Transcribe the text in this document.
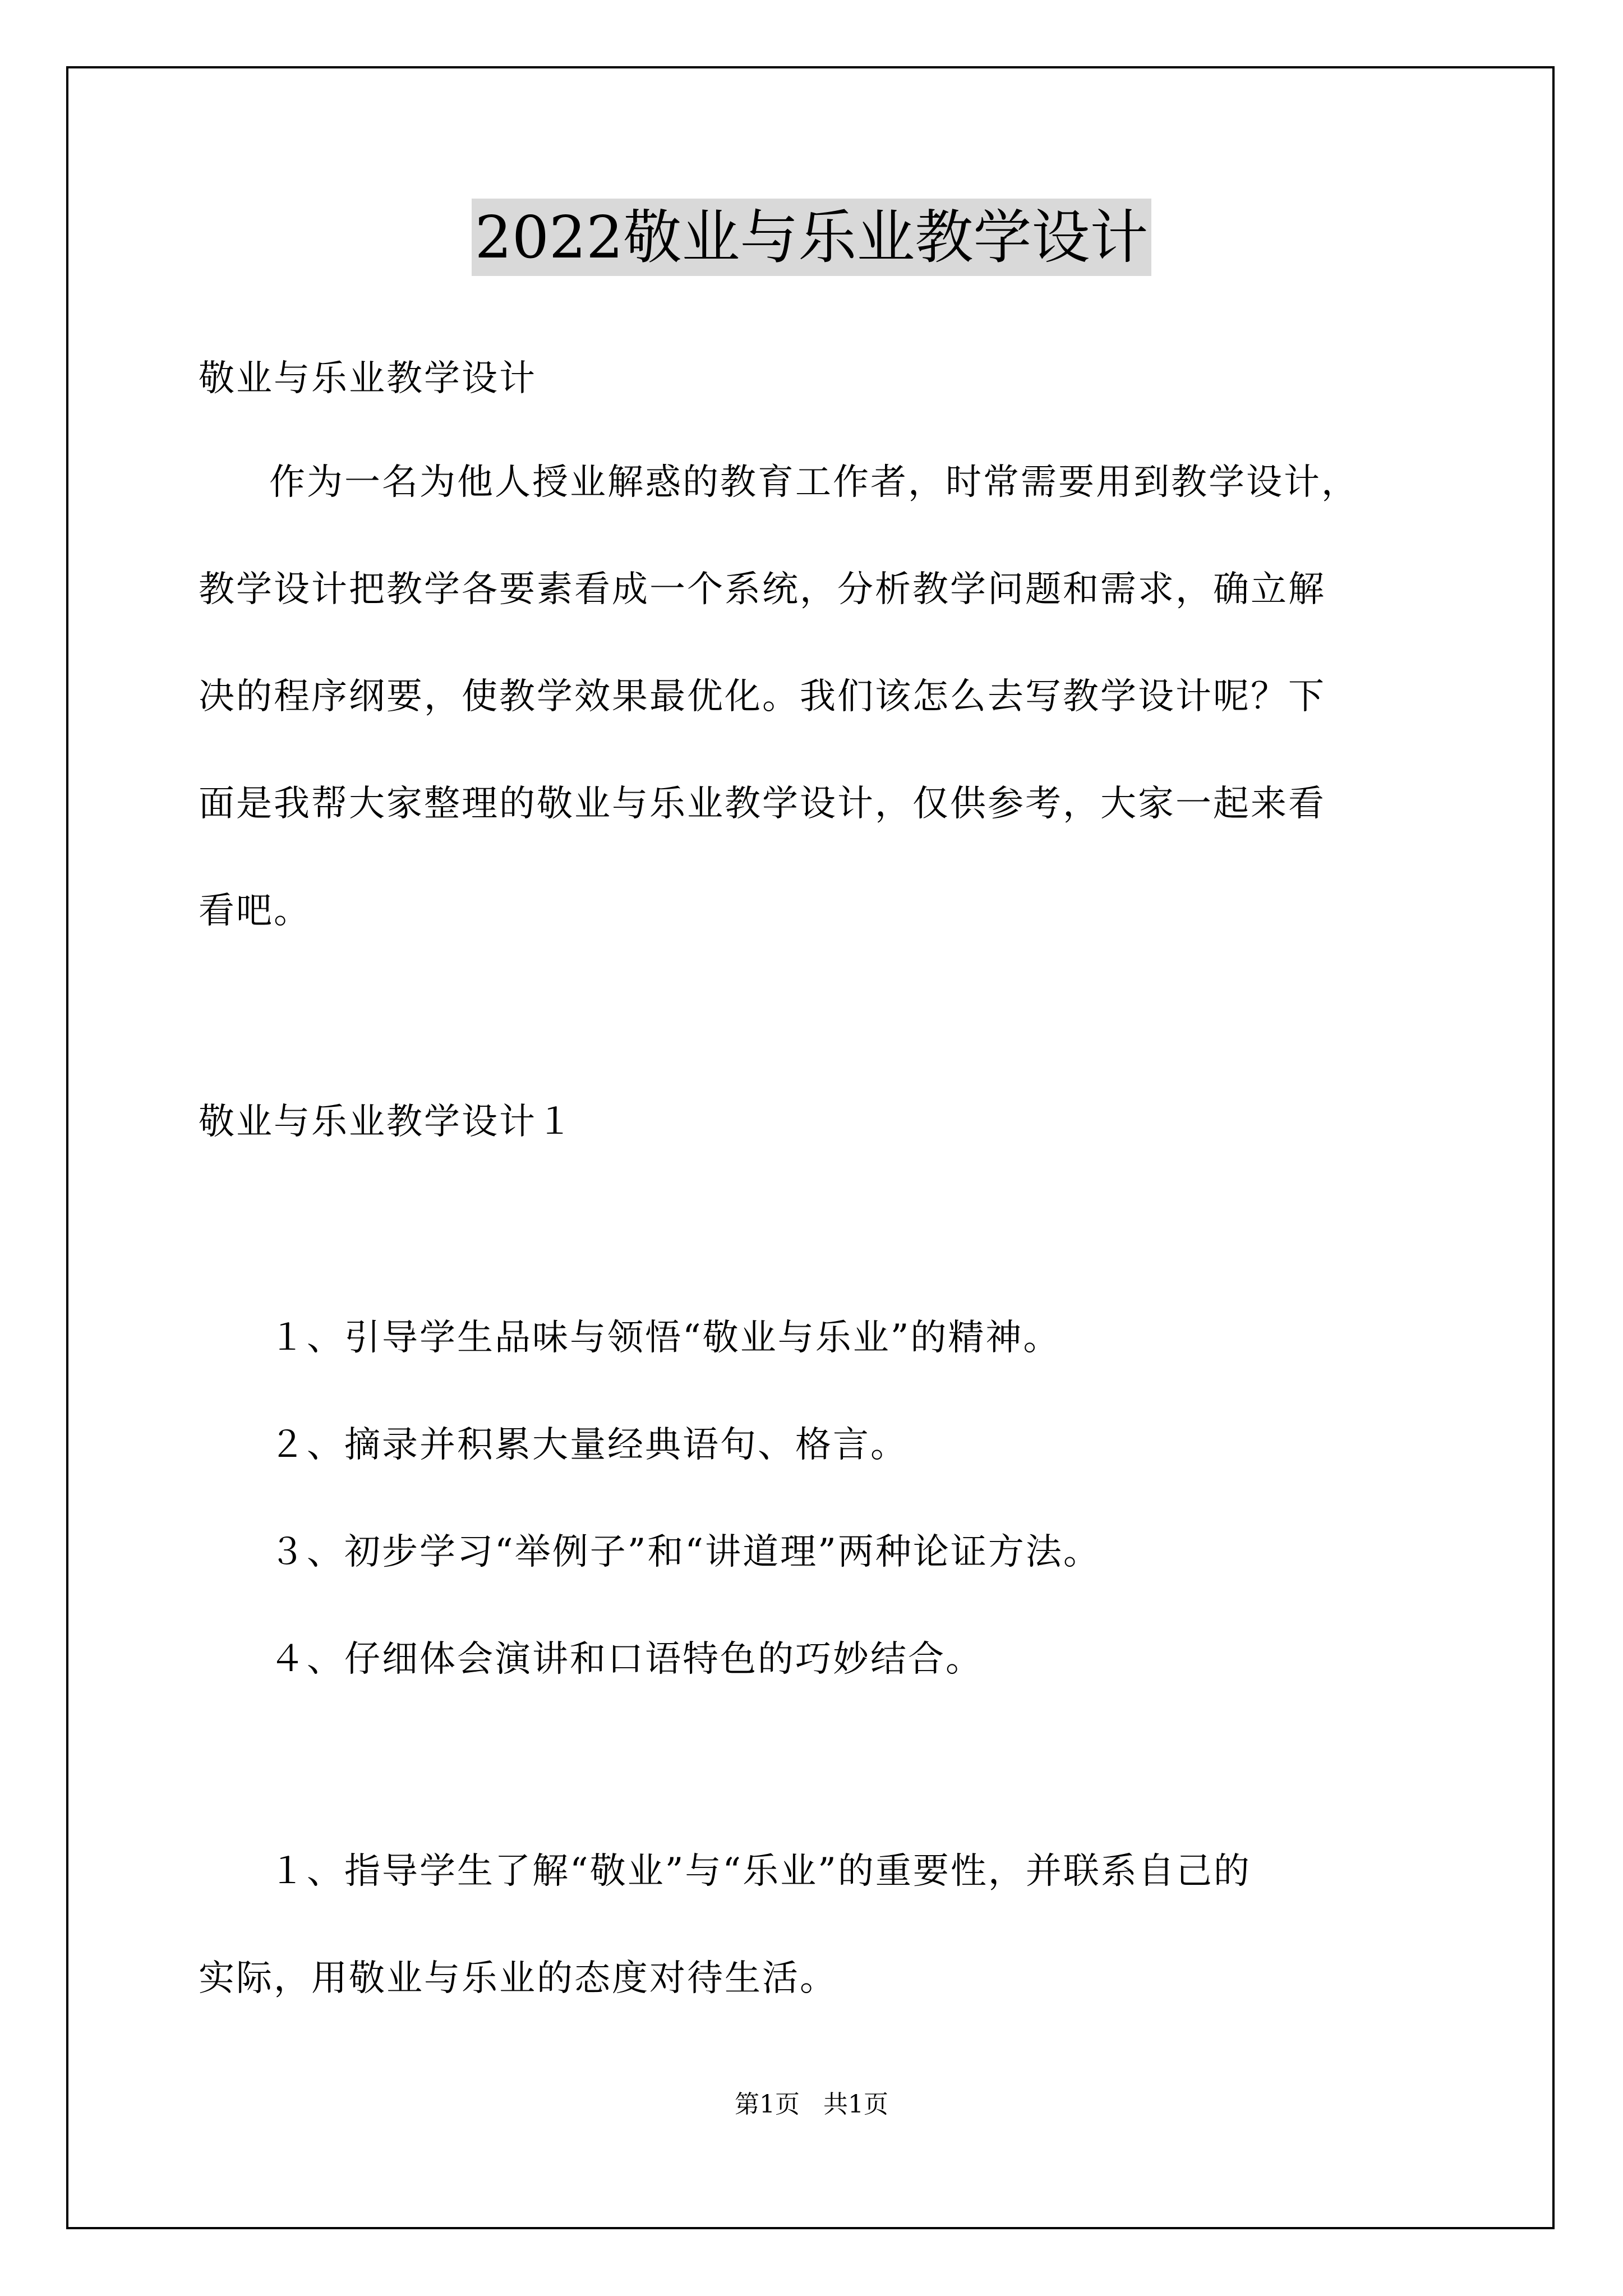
2022敬业与乐业教学设计
敬业与乐业教学设计
作为一名为他人授业解惑的教育工作者，时常需要用到教学设计，
教学设计把教学各要素看成一个系统，分析教学问题和需求，确立解
决的程序纲要，使教学效果最优化。我们该怎么去写教学设计呢？下
面是我帮大家整理的敬业与乐业教学设计，仅供参考，大家一起来看
看吧。
敬业与乐业教学设计１
１、引导学生品味与领悟“敬业与乐业”的精神。
２、摘录并积累大量经典语句、格言。
３、初步学习“举例子”和“讲道理”两种论证方法。
４、仔细体会演讲和口语特色的巧妙结合。
１、指导学生了解“敬业”与“乐业”的重要性，并联系自己的
实际，用敬业与乐业的态度对待生活。
第1页   共1页
